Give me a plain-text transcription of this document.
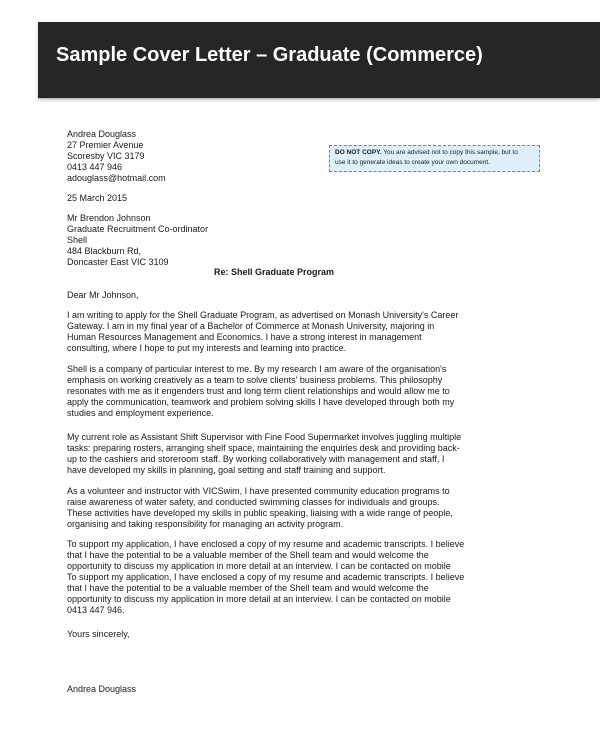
Sample Cover Letter – Graduate (Commerce)
Andrea Douglass
27 Premier Avenue
Scoresby VIC 3179
0413 447 946
adouglass@hotmail.com
DO NOT COPY. You are advised not to copy this sample, but to
use it to generate ideas to create your own document.
25 March 2015
Mr Brendon Johnson
Graduate Recruitment Co-ordinator
Shell
484 Blackburn Rd,
Doncaster East VIC 3109
Re: Shell Graduate Program
Dear Mr Johnson,
I am writing to apply for the Shell Graduate Program, as advertised on Monash University's Career
Gateway. I am in my final year of a Bachelor of Commerce at Monash University, majoring in
Human Resources Management and Economics. I have a strong interest in management
consulting, where I hope to put my interests and learning into practice.
Shell is a company of particular interest to me. By my research I am aware of the organisation's
emphasis on working creatively as a team to solve clients' business problems. This philosophy
resonates with me as it engenders trust and long term client relationships and would allow me to
apply the communication, teamwork and problem solving skills I have developed through both my
studies and employment experience.
My current role as Assistant Shift Supervisor with Fine Food Supermarket involves juggling multiple
tasks: preparing rosters, arranging shelf space, maintaining the enquiries desk and providing back-
up to the cashiers and storeroom staff. By working collaboratively with management and staff, I
have developed my skills in planning, goal setting and staff training and support.
As a volunteer and instructor with VICSwim, I have presented community education programs to
raise awareness of water safety, and conducted swimming classes for individuals and groups.
These activities have developed my skills in public speaking, liaising with a wide range of people,
organising and taking responsibility for managing an activity program.
To support my application, I have enclosed a copy of my resume and academic transcripts. I believe
that I have the potential to be a valuable member of the Shell team and would welcome the
opportunity to discuss my application in more detail at an interview. I can be contacted on mobile
To support my application, I have enclosed a copy of my resume and academic transcripts. I believe
that I have the potential to be a valuable member of the Shell team and would welcome the
opportunity to discuss my application in more detail at an interview. I can be contacted on mobile
0413 447 946.
Yours sincerely,
Andrea Douglass
